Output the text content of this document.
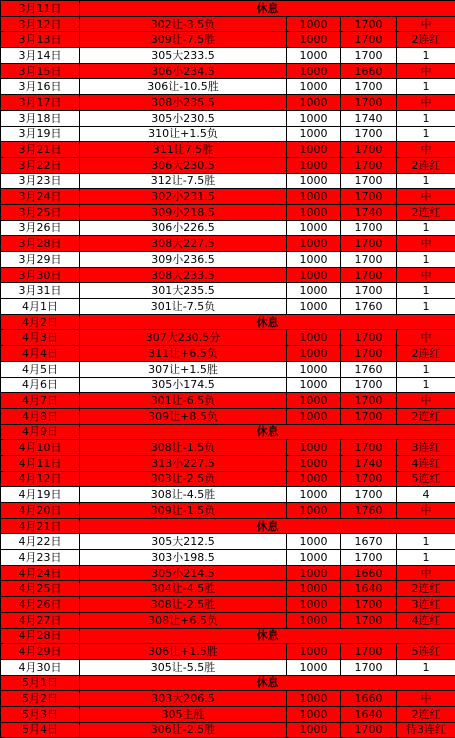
3月11日	休息			
3月12日	302让-3.5负	1000	1700	中
3月13日	309让-7.5胜	1000	1700	2连红
3月14日	305大233.5	1000	1700	1
3月15日	306小234.5	1000	1660	中
3月16日	306让-10.5胜	1000	1700	1
3月17日	308小235.5	1000	1700	中
3月18日	305小230.5	1000	1740	1
3月19日	310让+1.5负	1000	1700	1
3月21日	311让7.5胜	1000	1700	中
3月22日	306大230.5	1000	1700	2连红
3月23日	312让-7.5胜	1000	1700	1
3月24日	302小231.5	1000	1700	中
3月25日	309小218.5	1000	1740	2连红
3月26日	306小226.5	1000	1700	1
3月28日	308大227.5	1000	1700	中
3月29日	309小236.5	1000	1700	1
3月30日	308大233.5	1000	1700	中
3月31日	301大235.5	1000	1700	1
4月1日	301让-7.5负	1000	1760	1
4月2日	休息			
4月3日	307大230.5分	1000	1700	中
4月4日	311让+6.5负	1000	1700	2连红
4月5日	307让+1.5胜	1000	1760	1
4月6日	305小174.5	1000	1700	1
4月7日	301让-6.5负	1000	1700	中
4月8日	309让+8.5负	1000	1700	2连红
4月9日	休息			
4月10日	308让-1.5负	1000	1700	3连红
4月11日	313小227.5	1000	1740	4连红
4月12日	303让-2.5负	1000	1700	5连红
4月19日	308让-4.5胜	1000	1700	4
4月20日	309让-1.5负	1000	1760	中
4月21日	休息			
4月22日	305大212.5	1000	1670	1
4月23日	303小198.5	1000	1700	1
4月24日	305小214.5	1000	1660	中
4月25日	304让-4.5胜	1000	1640	2连红
4月26日	308让-2.5胜	1000	1700	3连红
4月27日	308让+6.5负	1000	1700	4连红
4月28日	休息			
4月29日	306让+1.5胜	1000	1700	5连红
4月30日	305让-5.5胜	1000	1700	1
5月1日	休息			
5月2日	303大206.5	1000	1660	中
5月3日	305主胜	1000	1640	2连红
5月4日	306让-2.5胜	1000	1700	待3连红
